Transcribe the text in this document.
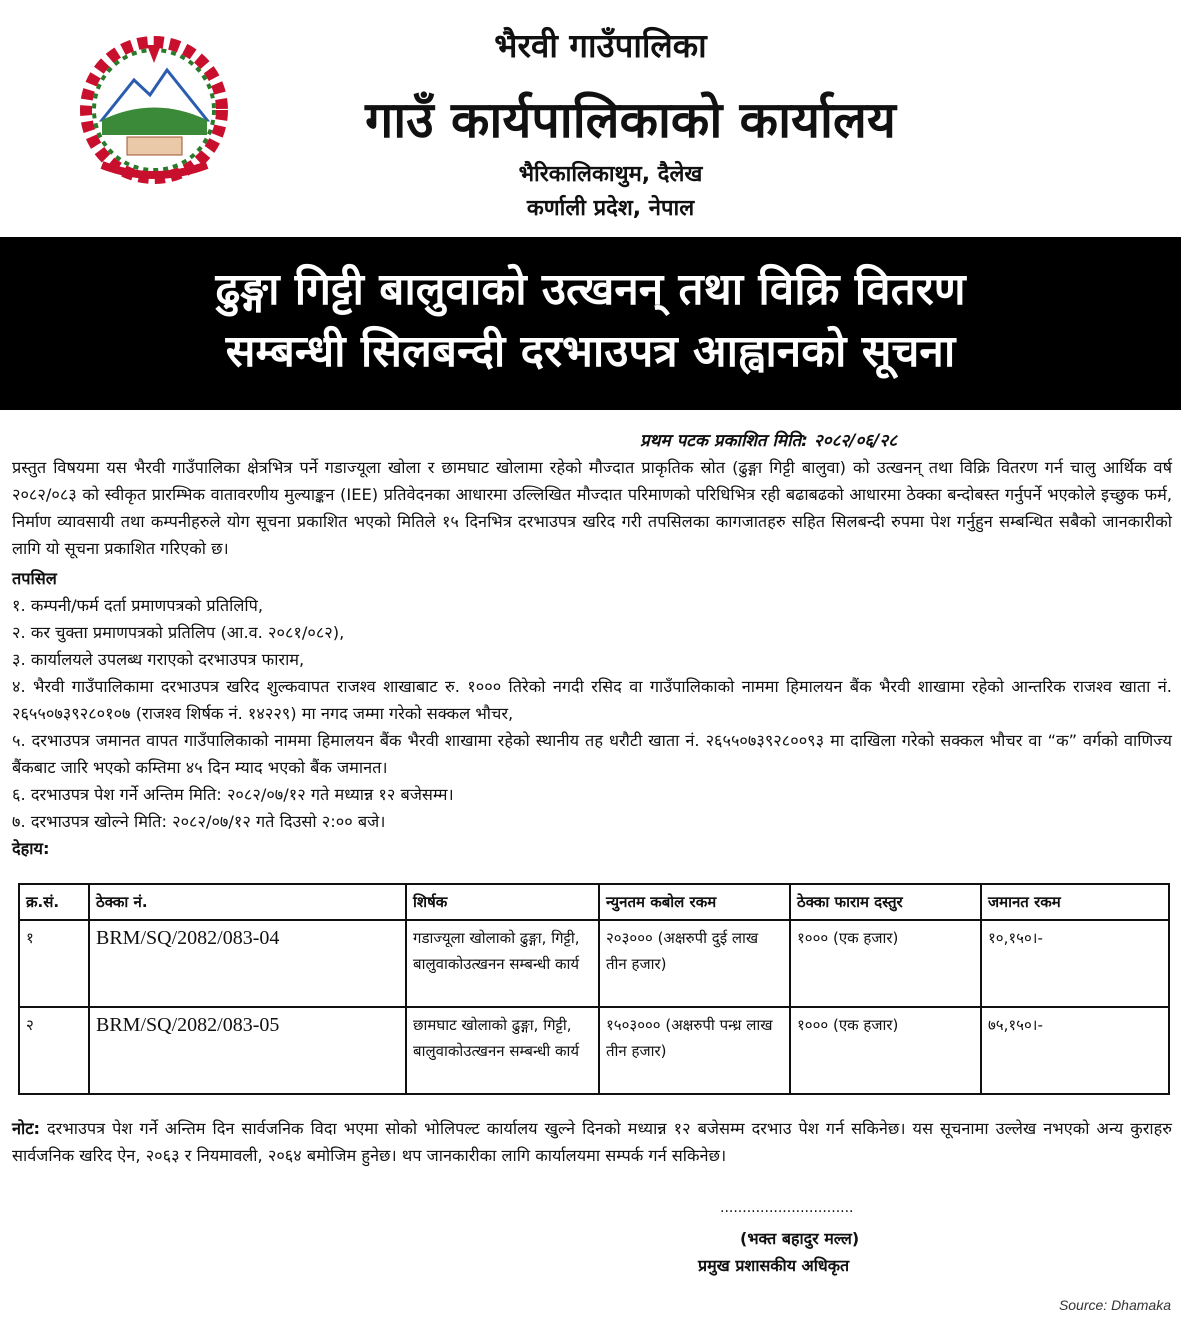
भैरवी गाउँपालिका
गाउँ कार्यपालिकाको कार्यालय
भैरिकालिकाथुम, दैलेख
कर्णाली प्रदेश, नेपाल
ढुङ्गा गिट्टी बालुवाको उत्खनन् तथा विक्रि वितरण
सम्बन्धी सिलबन्दी दरभाउपत्र आह्वानको सूचना
प्रथम पटक प्रकाशित मिति: २०८२/०६/२८
प्रस्तुत विषयमा यस भैरवी गाउँपालिका क्षेत्रभित्र पर्ने गडाज्यूला खोला र छामघाट खोलामा रहेको मौज्दात प्राकृतिक स्रोत (ढुङ्गा गिट्टी बालुवा) को उत्खनन् तथा विक्रि वितरण गर्न चालु आर्थिक वर्ष २०८२/०८३ को स्वीकृत प्रारम्भिक वातावरणीय मुल्याङ्कन (IEE) प्रतिवेदनका आधारमा उल्लिखित मौज्दात परिमाणको परिधिभित्र रही बढाबढको आधारमा ठेक्का बन्दोबस्त गर्नुपर्ने भएकोले इच्छुक फर्म, निर्माण व्यावसायी तथा कम्पनीहरुले योग सूचना प्रकाशित भएको मितिले १५ दिनभित्र दरभाउपत्र खरिद गरी तपसिलका कागजातहरु सहित सिलबन्दी रुपमा पेश गर्नुहुन सम्बन्धित सबैको जानकारीको लागि यो सूचना प्रकाशित गरिएको छ।
तपसिल
१. कम्पनी/फर्म दर्ता प्रमाणपत्रको प्रतिलिपि,
२. कर चुक्ता प्रमाणपत्रको प्रतिलिप (आ.व. २०८१/०८२),
३. कार्यालयले उपलब्ध गराएको दरभाउपत्र फाराम,
४. भैरवी गाउँपालिकामा दरभाउपत्र खरिद शुल्कवापत राजश्व शाखाबाट रु. १००० तिरेको नगदी रसिद वा गाउँपालिकाको नाममा हिमालयन बैंक भैरवी शाखामा रहेको आन्तरिक राजश्व खाता नं. २६५५०७३९२८०१०७ (राजश्व शिर्षक नं. १४२२९) मा नगद जम्मा गरेको सक्कल भौचर,
५. दरभाउपत्र जमानत वापत गाउँपालिकाको नाममा हिमालयन बैंक भैरवी शाखामा रहेको स्थानीय तह धरौटी खाता नं. २६५५०७३९२८००९३ मा दाखिला गरेको सक्कल भौचर वा “क” वर्गको वाणिज्य बैंकबाट जारि भएको कम्तिमा ४५ दिन म्याद भएको बैंक जमानत।
६. दरभाउपत्र पेश गर्ने अन्तिम मिति: २०८२/०७/१२ गते मध्यान्न १२ बजेसम्म।
७. दरभाउपत्र खोल्ने मिति: २०८२/०७/१२ गते दिउसो २:०० बजे।
देहाय:
क्र.सं.	ठेक्का नं.	शिर्षक	न्युनतम कबोल रकम	ठेक्का फाराम दस्तुर	जमानत रकम
१	BRM/SQ/2082/083-04	गडाज्यूला खोलाको ढुङ्गा, गिट्टी, बालुवाकोउत्खनन सम्बन्धी कार्य	२०३००० (अक्षरुपी दुई लाख तीन हजार)	१००० (एक हजार)	१०,१५०।-
२	BRM/SQ/2082/083-05	छामघाट खोलाको ढुङ्गा, गिट्टी, बालुवाकोउत्खनन सम्बन्धी कार्य	१५०३००० (अक्षरुपी पन्ध्र लाख तीन हजार)	१००० (एक हजार)	७५,१५०।-
नोट: दरभाउपत्र पेश गर्ने अन्तिम दिन सार्वजनिक विदा भएमा सोको भोलिपल्ट कार्यालय खुल्ने दिनको मध्यान्न १२ बजेसम्म दरभाउ पेश गर्न सकिनेछ। यस सूचनामा उल्लेख नभएको अन्य कुराहरु सार्वजनिक खरिद ऐन, २०६३ र नियमावली, २०६४ बमोजिम हुनेछ। थप जानकारीका लागि कार्यालयमा सम्पर्क गर्न सकिनेछ।
..............................
(भक्त बहादुर मल्ल)
प्रमुख प्रशासकीय अधिकृत
Source: Dhamaka
